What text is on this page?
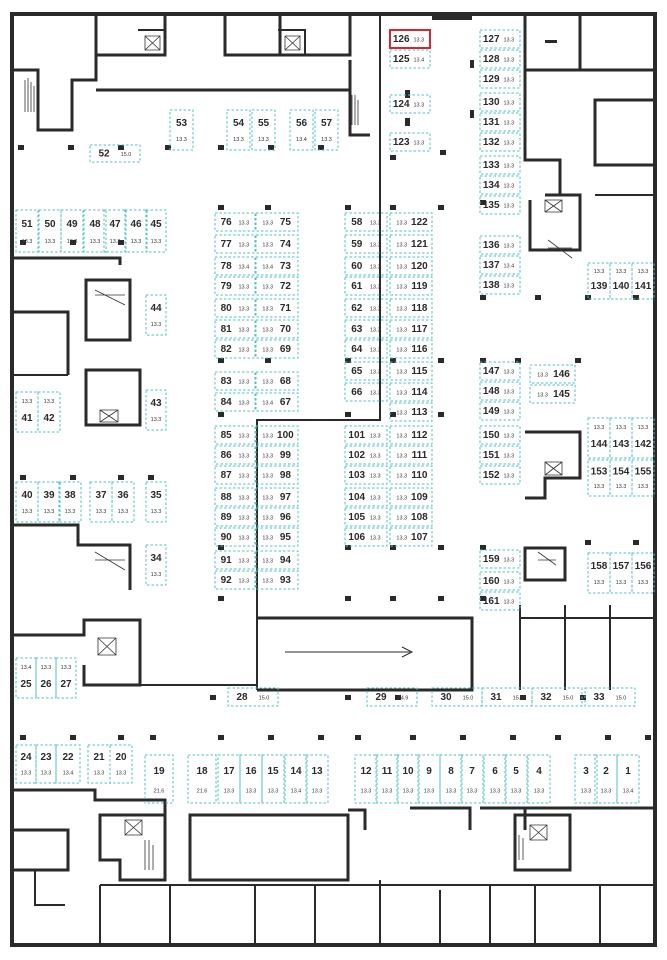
126 13.3
125 13.4
124 13.3
123 13.3
52 15.0
53
13.3
54
13.3
55
13.3
56
13.4
57
13.3
127 13.3
128 13.3
129 13.3
130 13.3
131 13.3
132 13.3
133 13.3
134 13.3
135 13.3
136 13.3
137 13.4
138 13.3
51
13.3
50
13.3
49
13.3
48
13.3
47
13.3
46
13.3
45
13.3
76 13.3
77 13.3
78 13.4
79 13.3
80 13.3
81 13.3
82 13.3
75
13.3
74
13.3
73
13.4
72
13.3
71
13.3
70
13.3
69
13.3
58 13.3
59 13.3
60 13.3
61 13.3
62 13.3
63 13.3
64 13.3
65 13.3
66 13.3
122
13.3
121
13.3
120
13.3
119
13.3
118
13.3
117
13.3
116
13.3
115
13.3
114
13.3
113
13.3
139
13.3
140
13.3
141
13.3
44
13.3
43
13.3
41
13.3
42
13.3
83 13.3
84 13.3
68
13.3
67
13.4
147 13.3
148 13.3
149 13.3
146
13.3
145
13.3
85 13.3
86 13.3
87 13.3
88 13.3
89 13.3
90 13.3
91 13.3
92 13.3
100
13.3
99
13.3
98
13.3
97
13.3
96
13.3
95
13.3
94
13.3
93
13.3
101 13.3
102 13.3
103 13.3
104 13.3
105 13.3
106 13.3
112
13.3
111
13.3
110
13.3
109
13.3
108
13.3
107
13.3
150 13.3
151 13.3
152 13.3
144
13.3
143
13.3
142
13.3
153
13.3
154
13.3
155
13.3
40
13.3
39
13.3
38
13.3
37
13.3
36
13.3
35
13.3
34
13.3
159 13.3
160 13.3
161 13.3
158
13.3
157
13.3
156
13.3
25
13.4
26
13.3
27
13.3
28 15.0	29 14.9	30 15.0 31 15.0 32 15.0 33 15.0
24
13.3
23
13.3
22
13.4
21
13.3
20
13.3	19
21.6
18
21.6
17
13.3
16
13.3
15
13.3
14
13.4
13
13.3
12
13.3
11
13.3
10
13.3
9
13.3
8
13.3
7
13.3
6
13.3
5
13.3
4
13.3
3
13.3
2
13.3
1
13.4
